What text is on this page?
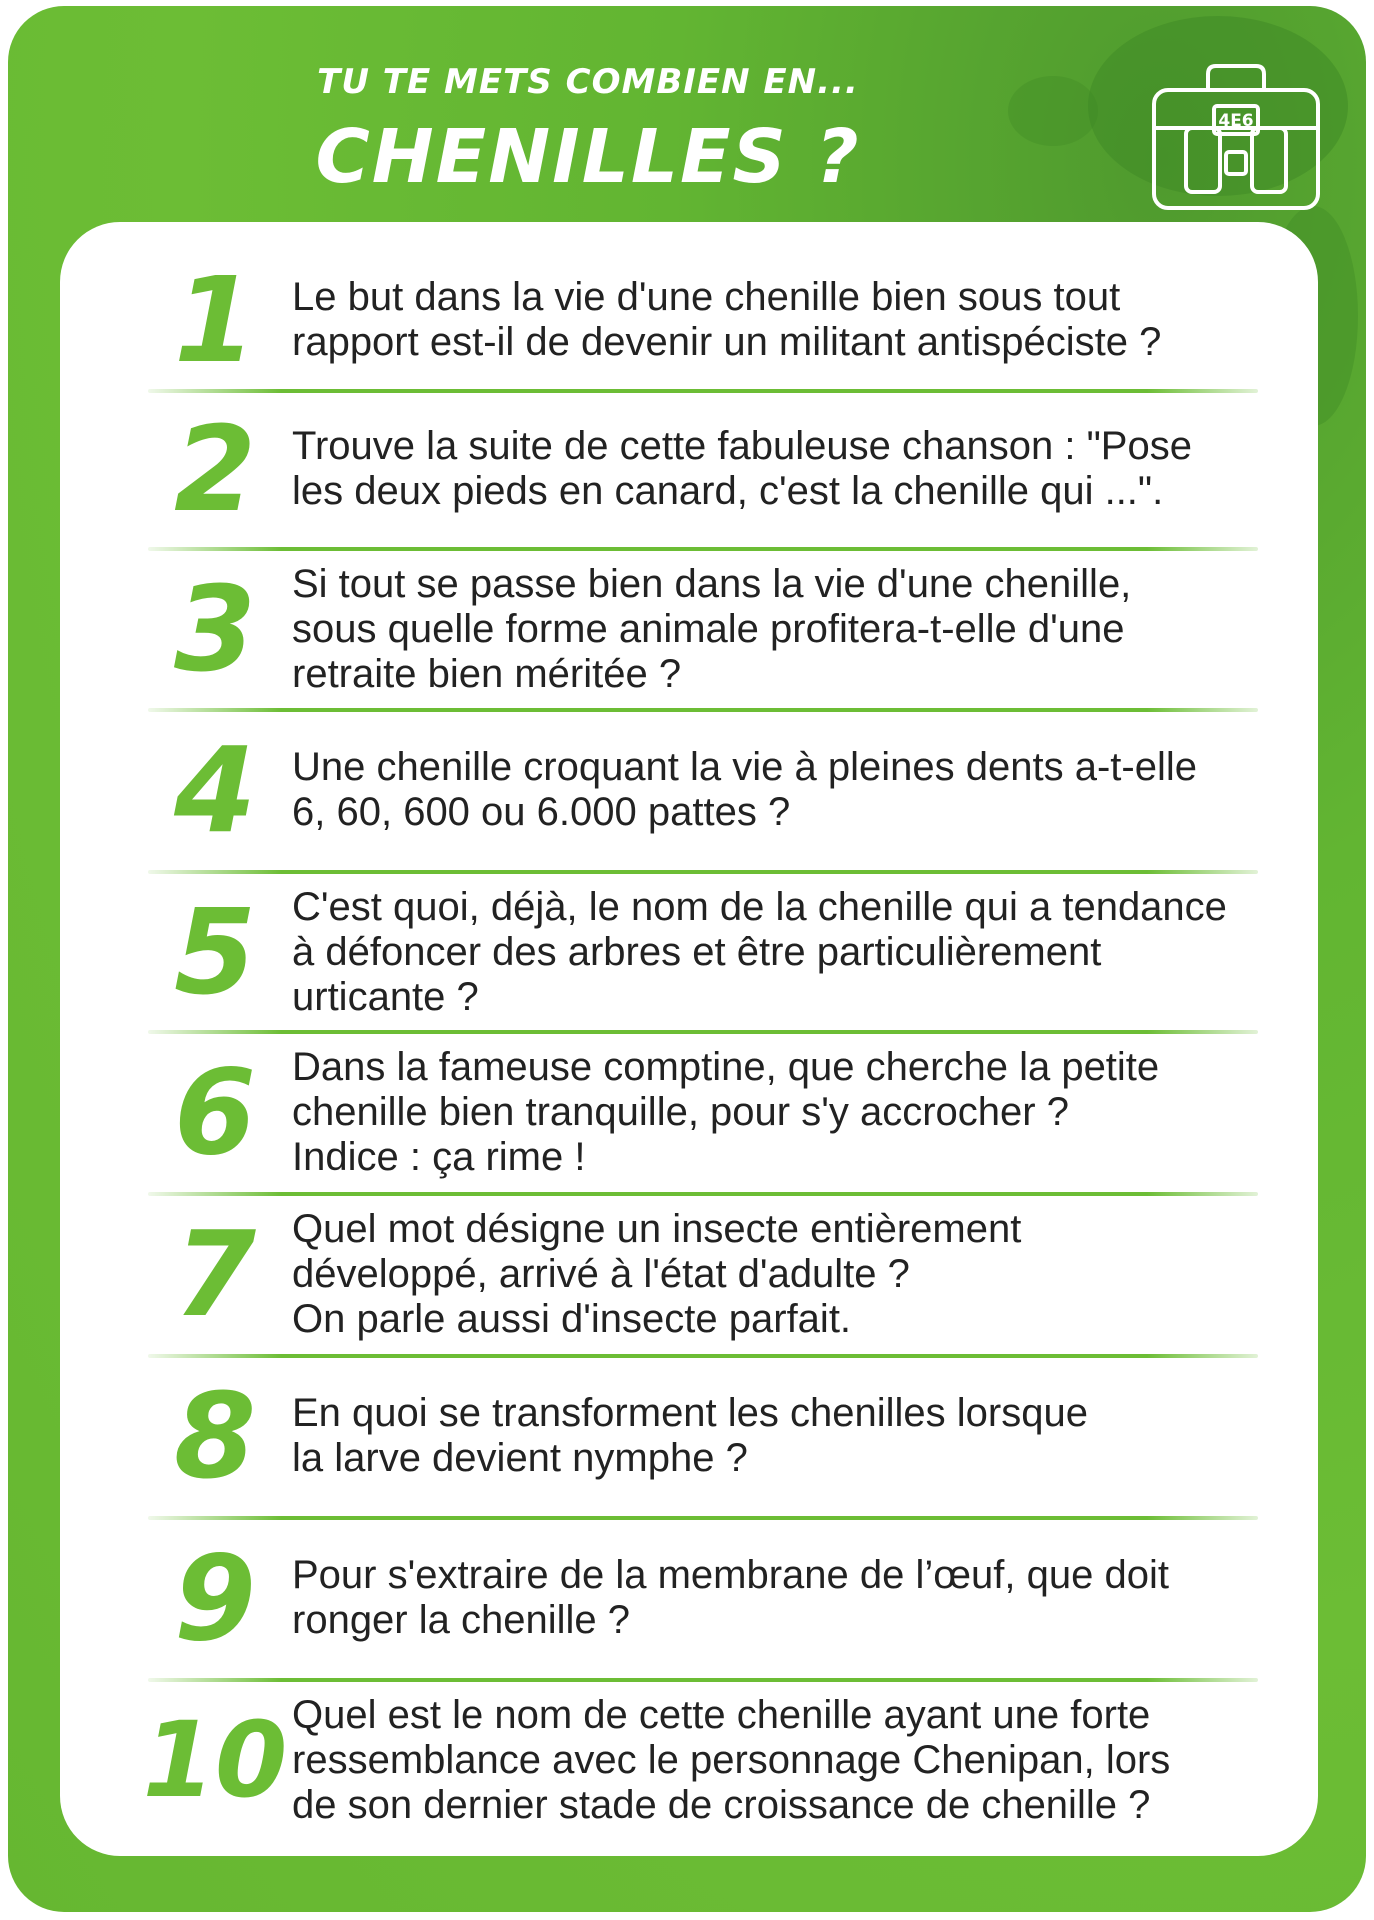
TU TE METS COMBIEN EN...
CHENILLES ?	4E6
1 Le but dans la vie d'une chenille bien sous tout
rapport est-il de devenir un militant antispéciste ?
2 Trouve la suite de cette fabuleuse chanson : "Pose
les deux pieds en canard, c'est la chenille qui ...".
3 Si tout se passe bien dans la vie d'une chenille,
sous quelle forme animale profitera-t-elle d'une
retraite bien méritée ?
4 Une chenille croquant la vie à pleines dents a-t-elle
6, 60, 600 ou 6.000 pattes ?
5 C'est quoi, déjà, le nom de la chenille qui a tendance
à défoncer des arbres et être particulièrement
urticante ?
6 Dans la fameuse comptine, que cherche la petite
chenille bien tranquille, pour s'y accrocher ?
Indice : ça rime !
7 Quel mot désigne un insecte entièrement
développé, arrivé à l'état d'adulte ?
On parle aussi d'insecte parfait.
8 En quoi se transforment les chenilles lorsque
la larve devient nymphe ?
9 Pour s'extraire de la membrane de l’œuf, que doit
ronger la chenille ?
10 Quel est le nom de cette chenille ayant une forte
ressemblance avec le personnage Chenipan, lors
de son dernier stade de croissance de chenille ?
